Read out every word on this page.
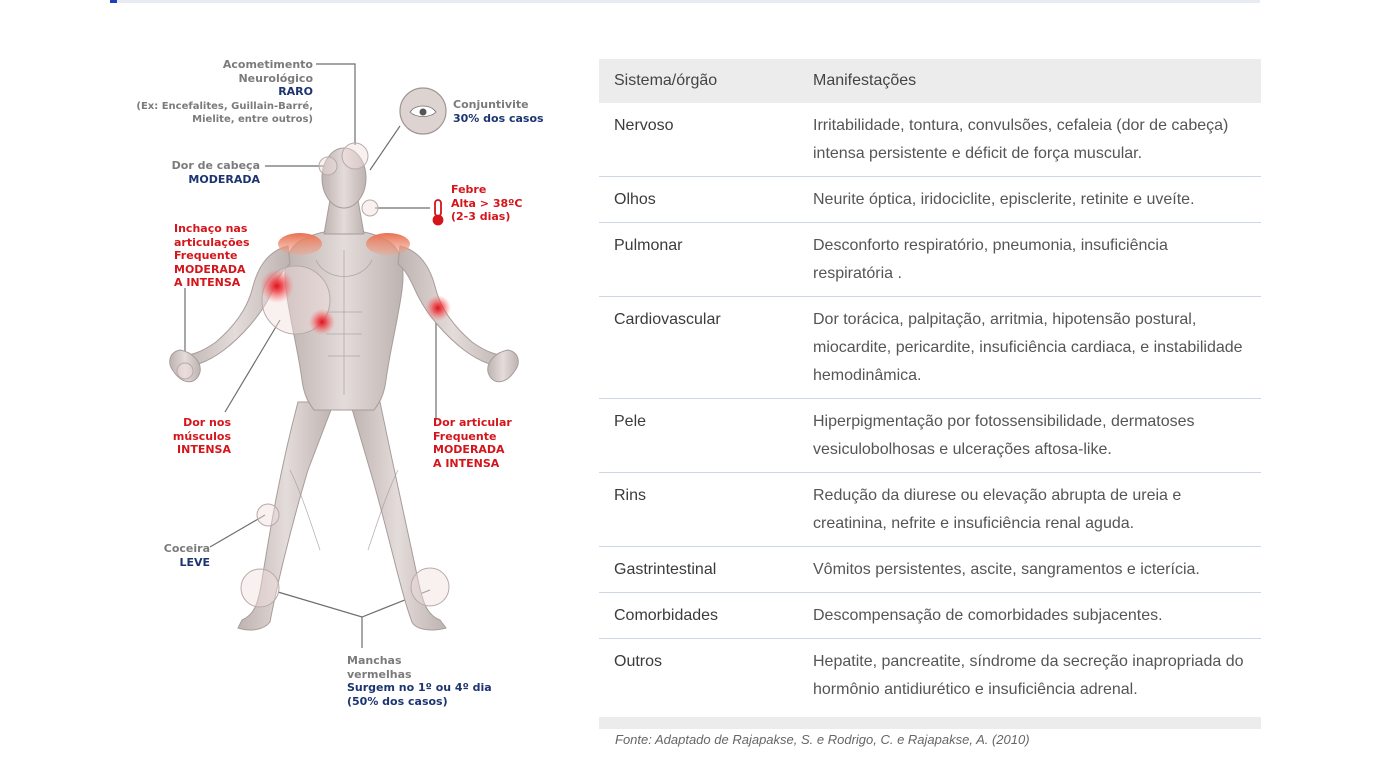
Acometimento
Neurológico
RARO
(Ex: Encefalites, Guillain-Barré,
Mielite, entre outros)
Conjuntivite
30% dos casos
Dor de cabeça
MODERADA
Febre
Alta > 38ºC
(2-3 dias)
Inchaço nas
articulações
Frequente
MODERADA
A INTENSA
Dor nos
músculos
INTENSA
Dor articular
Frequente
MODERADA
A INTENSA
Coceira
LEVE
Manchas
vermelhas
Surgem no 1º ou 4º dia
(50% dos casos)
Sistema/órgão	Manifestações
Nervoso	Irritabilidade, tontura, convulsões, cefaleia (dor de cabeça) intensa persistente e déficit de força muscular.
Olhos	Neurite óptica, iridociclite, episclerite, retinite e uveíte.
Pulmonar	Desconforto respiratório, pneumonia, insuficiência respiratória .
Cardiovascular	Dor torácica, palpitação, arritmia, hipotensão postural, miocardite, pericardite, insuficiência cardiaca, e instabilidade hemodinâmica.
Pele	Hiperpigmentação por fotossensibilidade, dermatoses vesiculobolhosas e ulcerações aftosa-like.
Rins	Redução da diurese ou elevação abrupta de ureia e creatinina, nefrite e insuficiência renal aguda.
Gastrintestinal	Vômitos persistentes, ascite, sangramentos e icterícia.
Comorbidades	Descompensação de comorbidades subjacentes.
Outros	Hepatite, pancreatite, síndrome da secreção inapropriada do hormônio antidiurético e insuficiência adrenal.
Fonte: Adaptado de Rajapakse, S. e Rodrigo, C. e Rajapakse, A. (2010)
